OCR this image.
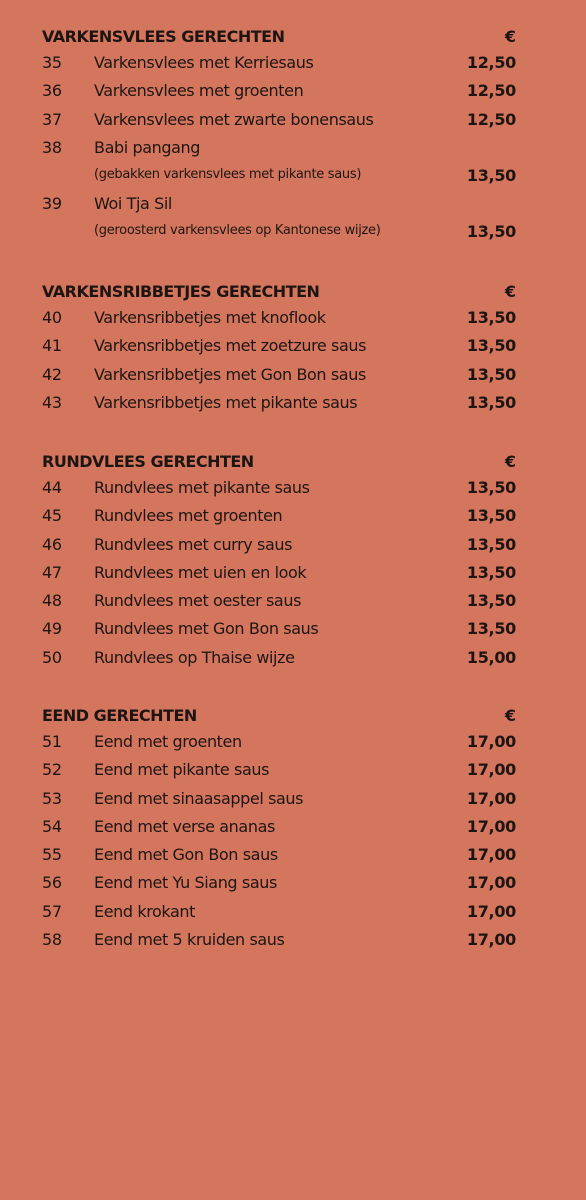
VARKENSVLEES GERECHTEN	€
35 Varkensvlees met Kerriesaus	12,50
36 Varkensvlees met groenten	12,50
37 Varkensvlees met zwarte bonensaus	12,50
38 Babi pangang
(gebakken varkensvlees met pikante saus)	13,50
39 Woi Tja Sil
(geroosterd varkensvlees op Kantonese wijze)	13,50
VARKENSRIBBETJES GERECHTEN	€
40 Varkensribbetjes met knoflook	13,50
41 Varkensribbetjes met zoetzure saus	13,50
42 Varkensribbetjes met Gon Bon saus	13,50
43 Varkensribbetjes met pikante saus	13,50
RUNDVLEES GERECHTEN	€
44 Rundvlees met pikante saus	13,50
45 Rundvlees met groenten	13,50
46 Rundvlees met curry saus	13,50
47 Rundvlees met uien en look	13,50
48 Rundvlees met oester saus	13,50
49 Rundvlees met Gon Bon saus	13,50
50 Rundvlees op Thaise wijze	15,00
EEND GERECHTEN	€
51 Eend met groenten	17,00
52 Eend met pikante saus	17,00
53 Eend met sinaasappel saus	17,00
54 Eend met verse ananas	17,00
55 Eend met Gon Bon saus	17,00
56 Eend met Yu Siang saus	17,00
57 Eend krokant	17,00
58 Eend met 5 kruiden saus	17,00
